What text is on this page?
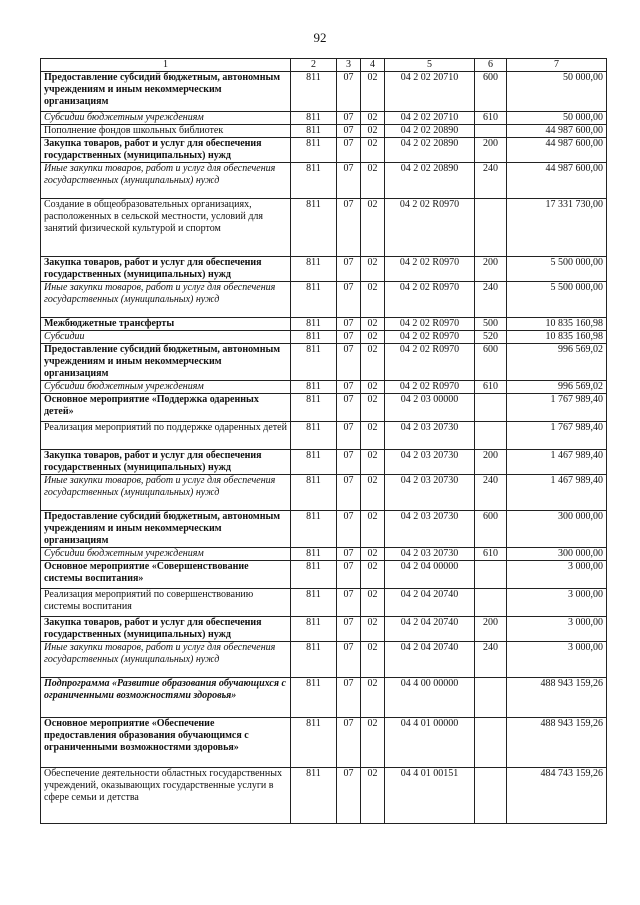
92
1	2	3	4	5	6	7
Предоставление субсидий бюджетным, автономным учреждениям и иным некоммерческим организациям	811	07	02	04 2 02 20710	600	50 000,00
Субсидии бюджетным учреждениям	811	07	02	04 2 02 20710	610	50 000,00
Пополнение фондов школьных библиотек	811	07	02	04 2 02 20890		44 987 600,00
Закупка товаров, работ и услуг для обеспечения государственных (муниципальных) нужд	811	07	02	04 2 02 20890	200	44 987 600,00
Иные закупки товаров, работ и услуг для обеспечения государственных (муниципальных) нужд	811	07	02	04 2 02 20890	240	44 987 600,00
Создание в общеобразовательных организациях, расположенных в сельской местности, условий для занятий физической культурой и спортом	811	07	02	04 2 02 R0970		17 331 730,00
Закупка товаров, работ и услуг для обеспечения государственных (муниципальных) нужд	811	07	02	04 2 02 R0970	200	5 500 000,00
Иные закупки товаров, работ и услуг для обеспечения государственных (муниципальных) нужд	811	07	02	04 2 02 R0970	240	5 500 000,00
Межбюджетные трансферты	811	07	02	04 2 02 R0970	500	10 835 160,98
Субсидии	811	07	02	04 2 02 R0970	520	10 835 160,98
Предоставление субсидий бюджетным, автономным учреждениям и иным некоммерческим организациям	811	07	02	04 2 02 R0970	600	996 569,02
Субсидии бюджетным учреждениям	811	07	02	04 2 02 R0970	610	996 569,02
Основное мероприятие «Поддержка одаренных детей»	811	07	02	04 2 03 00000		1 767 989,40
Реализация мероприятий по поддержке одаренных детей	811	07	02	04 2 03 20730		1 767 989,40
Закупка товаров, работ и услуг для обеспечения государственных (муниципальных) нужд	811	07	02	04 2 03 20730	200	1 467 989,40
Иные закупки товаров, работ и услуг для обеспечения государственных (муниципальных) нужд	811	07	02	04 2 03 20730	240	1 467 989,40
Предоставление субсидий бюджетным, автономным учреждениям и иным некоммерческим организациям	811	07	02	04 2 03 20730	600	300 000,00
Субсидии бюджетным учреждениям	811	07	02	04 2 03 20730	610	300 000,00
Основное мероприятие «Совершенствование системы воспитания»	811	07	02	04 2 04 00000		3 000,00
Реализация мероприятий по совершенствованию системы воспитания	811	07	02	04 2 04 20740		3 000,00
Закупка товаров, работ и услуг для обеспечения государственных (муниципальных) нужд	811	07	02	04 2 04 20740	200	3 000,00
Иные закупки товаров, работ и услуг для обеспечения государственных (муниципальных) нужд	811	07	02	04 2 04 20740	240	3 000,00
Подпрограмма «Развитие образования обучающихся с ограниченными возможностями здоровья»	811	07	02	04 4 00 00000		488 943 159,26
Основное мероприятие «Обеспечение предоставления образования обучающимся с ограниченными возможностями здоровья»	811	07	02	04 4 01 00000		488 943 159,26
Обеспечение деятельности областных государственных учреждений, оказывающих государственные услуги в сфере семьи и детства	811	07	02	04 4 01 00151		484 743 159,26
